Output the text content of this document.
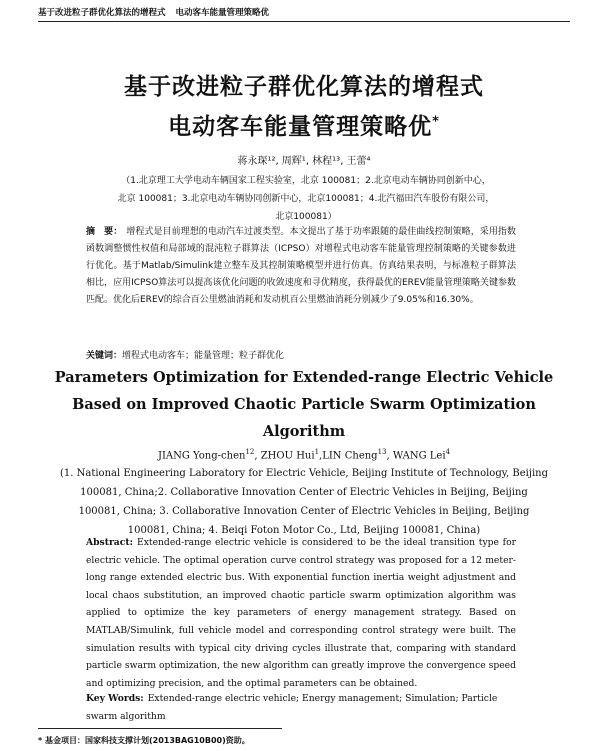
基于改进粒子群优化算法的增程式 电动客车能量管理策略优
基于改进粒子群优化算法的增程式
电动客车能量管理策略优*
蒋永琛¹², 周辉¹, 林程¹³, 王蕾⁴
（1.北京理工大学电动车辆国家工程实验室，北京 100081；2.北京电动车辆协同创新中心，
北京 100081；3.北京电动车辆协同创新中心，北京100081；4.北汽福田汽车股份有限公司，
北京100081）
摘　要： 增程式是目前理想的电动汽车过渡类型。本文提出了基于功率跟随的最佳曲线控制策略，采用指数函数调整惯性权值和局部域的混沌粒子群算法（ICPSO）对增程式电动客车能量管理控制策略的关键参数进行优化。基于Matlab/Simulink建立整车及其控制策略模型并进行仿真。仿真结果表明，与标准粒子群算法相比，应用ICPSO算法可以提高该优化问题的收敛速度和寻优精度，获得最优的EREV能量管理策略关键参数匹配。优化后EREV的综合百公里燃油消耗和发动机百公里燃油消耗分别减少了9.05%和16.30%。
关键词：增程式电动客车；能量管理；粒子群优化
Parameters Optimization for Extended-range Electric Vehicle
Based on Improved Chaotic Particle Swarm Optimization
Algorithm
JIANG Yong-chen$^{12}$, ZHOU Hui$^1$,LIN Cheng$^{13}$, WANG Lei$^4$
(1. National Engineering Laboratory for Electric Vehicle, Beijing Institute of Technology, Beijing 100081, China;2. Collaborative Innovation Center of Electric Vehicles in Beijing, Beijing 100081, China; 3. Collaborative Innovation Center of Electric Vehicles in Beijing, Beijing 100081, China; 4. Beiqi Foton Motor Co., Ltd, Beijing 100081, China)
Abstract: Extended-range electric vehicle is considered to be the ideal transition type for electric vehicle. The optimal operation curve control strategy was proposed for a 12 meter-long range extended electric bus. With exponential function inertia weight adjustment and local chaos substitution, an improved chaotic particle swarm optimization algorithm was applied to optimize the key parameters of energy management strategy. Based on MATLAB/Simulink, full vehicle model and corresponding control strategy were built. The simulation results with typical city driving cycles illustrate that, comparing with standard particle swarm optimization, the new algorithm can greatly improve the convergence speed and optimizing precision, and the optimal parameters can be obtained.
Key Words: Extended-range electric vehicle; Energy management; Simulation; Particle swarm algorithm
* 基金项目：国家科技支撑计划(2013BAG10B00)资助。
